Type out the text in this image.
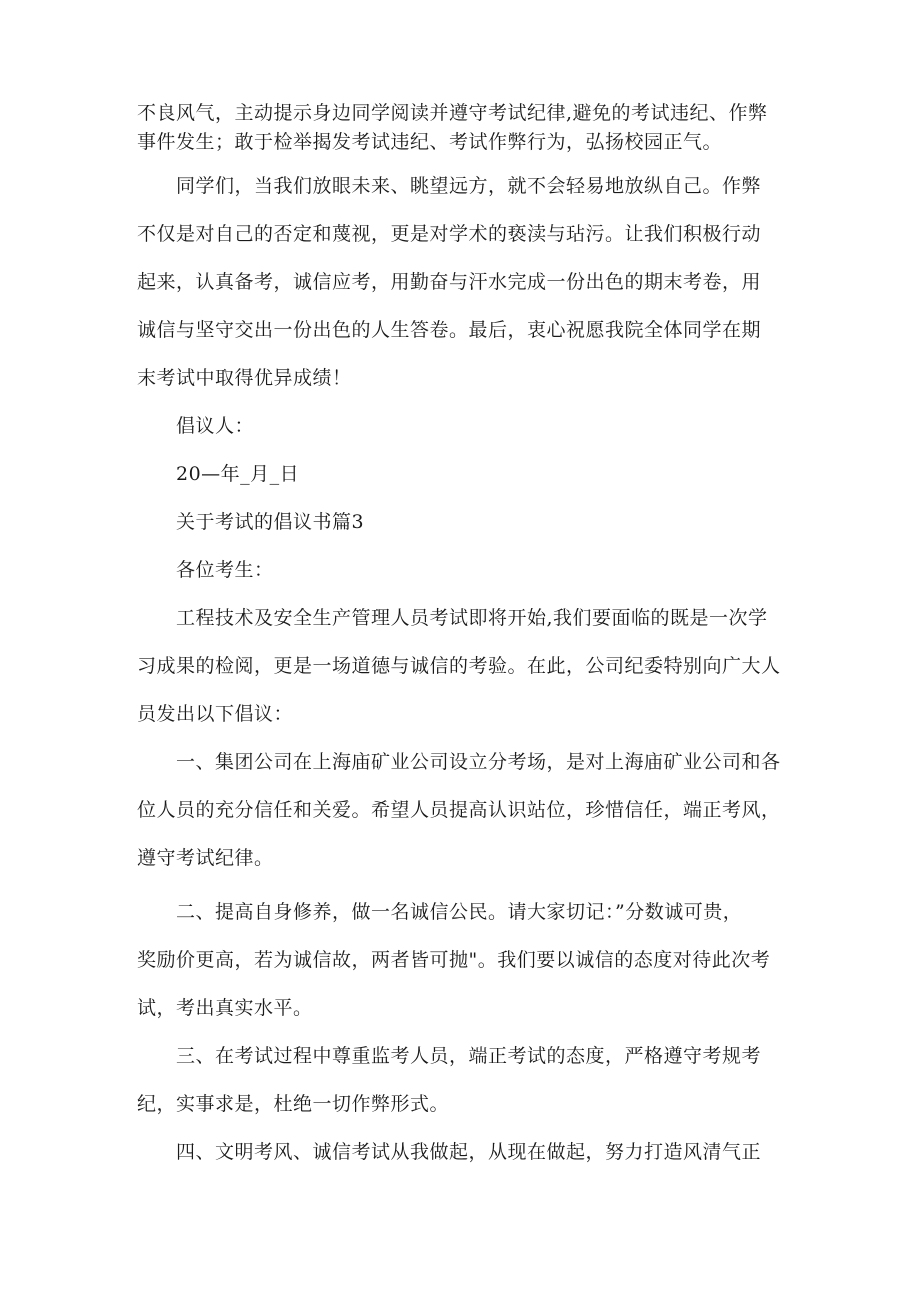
不良风气，主动提示身边同学阅读并遵守考试纪律,避免的考试违纪、作弊
事件发生；敢于检举揭发考试违纪、考试作弊行为，弘扬校园正气。
同学们，当我们放眼未来、眺望远方，就不会轻易地放纵自己。作弊
不仅是对自己的否定和蔑视，更是对学术的亵渎与玷污。让我们积极行动
起来，认真备考，诚信应考，用勤奋与汗水完成一份出色的期末考卷，用
诚信与坚守交出一份出色的人生答卷。最后，衷心祝愿我院全体同学在期
末考试中取得优异成绩！
倡议人：
20—年_月_日
关于考试的倡议书篇3
各位考生：
工程技术及安全生产管理人员考试即将开始,我们要面临的既是一次学
习成果的检阅，更是一场道德与诚信的考验。在此，公司纪委特别向广大人
员发出以下倡议：
一、集团公司在上海庙矿业公司设立分考场，是对上海庙矿业公司和各
位人员的充分信任和关爱。希望人员提高认识站位，珍惜信任，端正考风，
遵守考试纪律。
二、提高自身修养，做一名诚信公民。请大家切记：”分数诚可贵，
奖励价更高，若为诚信故，两者皆可抛"。我们要以诚信的态度对待此次考
试，考出真实水平。
三、在考试过程中尊重监考人员，端正考试的态度，严格遵守考规考
纪，实事求是，杜绝一切作弊形式。
四、文明考风、诚信考试从我做起，从现在做起，努力打造风清气正
